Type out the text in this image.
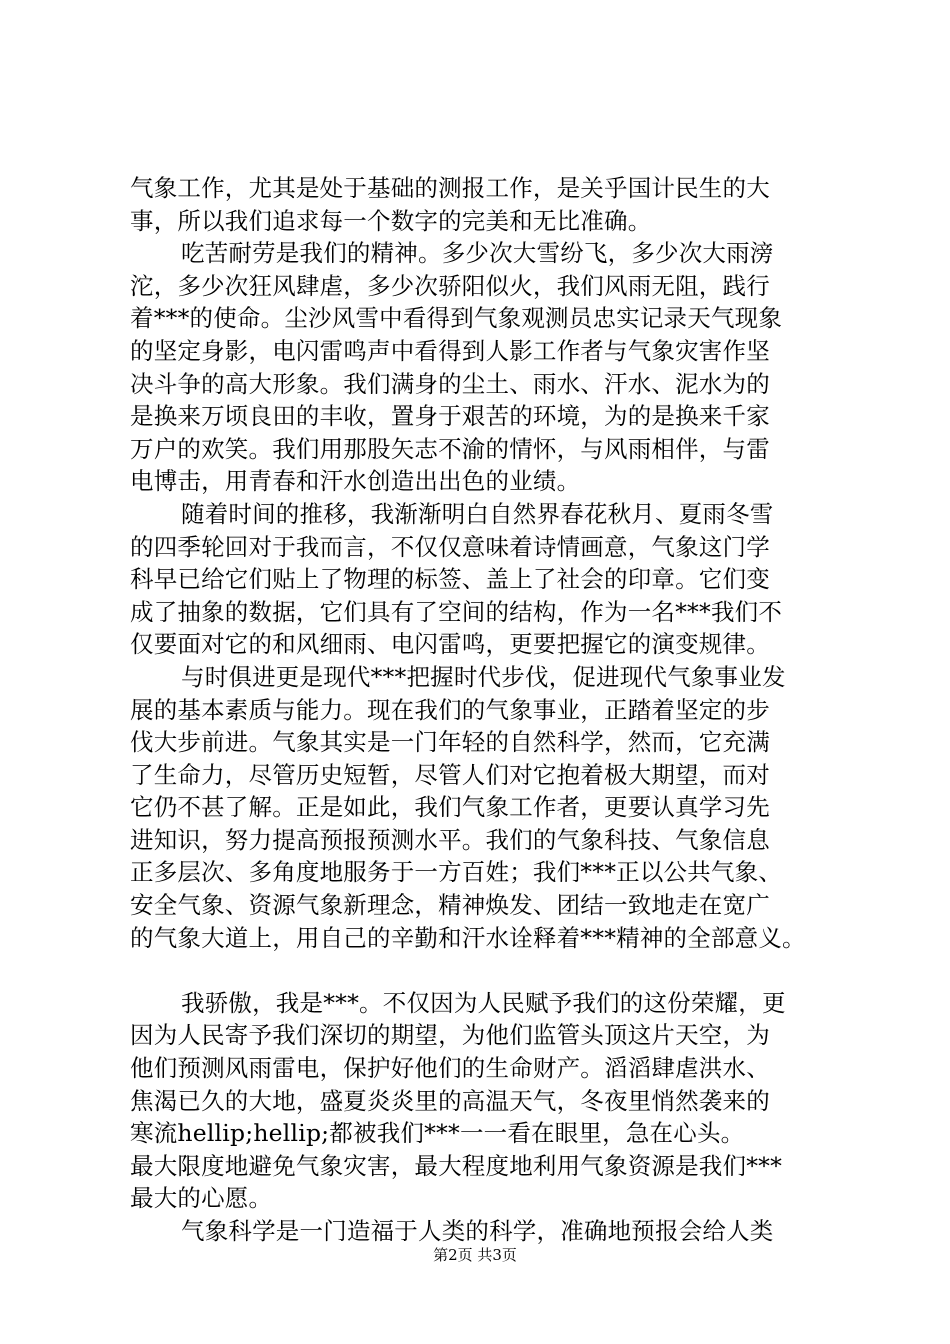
气象工作，尤其是处于基础的测报工作，是关乎国计民生的大
事，所以我们追求每一个数字的完美和无比准确。
吃苦耐劳是我们的精神。多少次大雪纷飞，多少次大雨滂
沱，多少次狂风肆虐，多少次骄阳似火，我们风雨无阻，践行
着***的使命。尘沙风雪中看得到气象观测员忠实记录天气现象
的坚定身影，电闪雷鸣声中看得到人影工作者与气象灾害作坚
决斗争的高大形象。我们满身的尘土、雨水、汗水、泥水为的
是换来万顷良田的丰收，置身于艰苦的环境，为的是换来千家
万户的欢笑。我们用那股矢志不渝的情怀，与风雨相伴，与雷
电博击，用青春和汗水创造出出色的业绩。
随着时间的推移，我渐渐明白自然界春花秋月、夏雨冬雪
的四季轮回对于我而言，不仅仅意味着诗情画意，气象这门学
科早已给它们贴上了物理的标签、盖上了社会的印章。它们变
成了抽象的数据，它们具有了空间的结构，作为一名***我们不
仅要面对它的和风细雨、电闪雷鸣，更要把握它的演变规律。
与时俱进更是现代***把握时代步伐，促进现代气象事业发
展的基本素质与能力。现在我们的气象事业，正踏着坚定的步
伐大步前进。气象其实是一门年轻的自然科学，然而，它充满
了生命力，尽管历史短暂，尽管人们对它抱着极大期望，而对
它仍不甚了解。正是如此，我们气象工作者，更要认真学习先
进知识，努力提高预报预测水平。我们的气象科技、气象信息
正多层次、多角度地服务于一方百姓；我们***正以公共气象、
安全气象、资源气象新理念，精神焕发、团结一致地走在宽广
的气象大道上，用自己的辛勤和汗水诠释着***精神的全部意义。
我骄傲，我是***。不仅因为人民赋予我们的这份荣耀，更
因为人民寄予我们深切的期望，为他们监管头顶这片天空，为
他们预测风雨雷电，保护好他们的生命财产。滔滔肆虐洪水、
焦渴已久的大地，盛夏炎炎里的高温天气，冬夜里悄然袭来的
寒流hellip;hellip;都被我们***一一看在眼里，急在心头。
最大限度地避免气象灾害，最大程度地利用气象资源是我们***
最大的心愿。
气象科学是一门造福于人类的科学，准确地预报会给人类
第2页 共3页
